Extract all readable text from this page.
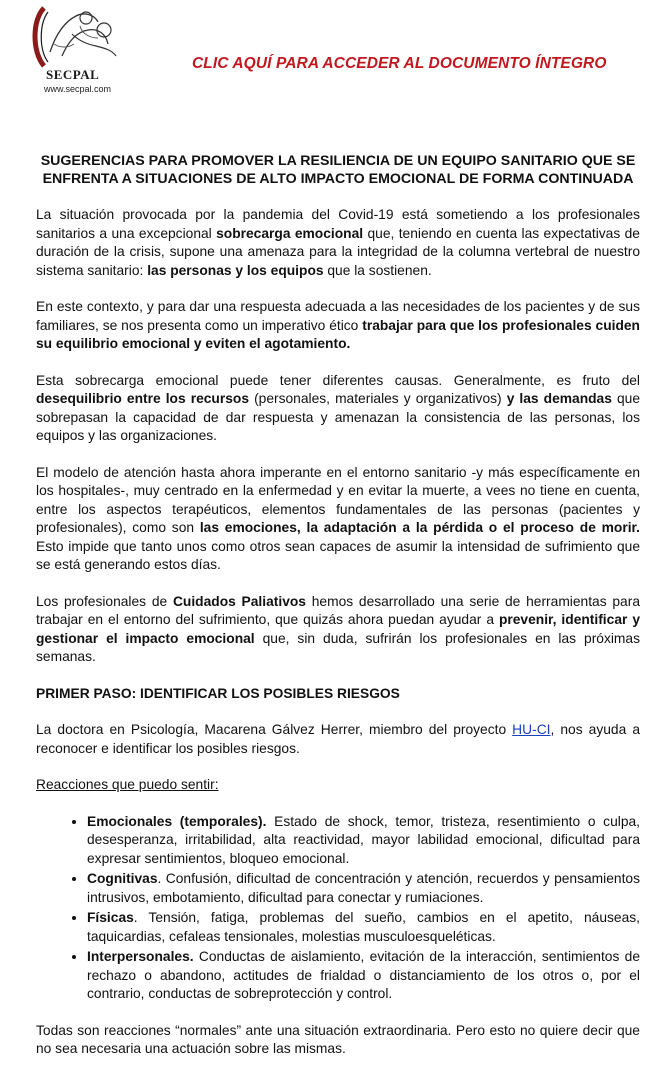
SECPAL
www.secpal.com
CLIC AQUÍ PARA ACCEDER AL DOCUMENTO ÍNTEGRO
SUGERENCIAS PARA PROMOVER LA RESILIENCIA DE UN EQUIPO SANITARIO QUE SE ENFRENTA A SITUACIONES DE ALTO IMPACTO EMOCIONAL DE FORMA CONTINUADA

La situación provocada por la pandemia del Covid-19 está sometiendo a los profesionales sanitarios a una excepcional sobrecarga emocional que, teniendo en cuenta las expectativas de duración de la crisis, supone una amenaza para la integridad de la columna vertebral de nuestro sistema sanitario: las personas y los equipos que la sostienen.

En este contexto, y para dar una respuesta adecuada a las necesidades de los pacientes y de sus familiares, se nos presenta como un imperativo ético trabajar para que los profesionales cuiden su equilibrio emocional y eviten el agotamiento.

Esta sobrecarga emocional puede tener diferentes causas. Generalmente, es fruto del desequilibrio entre los recursos (personales, materiales y organizativos) y las demandas que sobrepasan la capacidad de dar respuesta y amenazan la consistencia de las personas, los equipos y las organizaciones.

El modelo de atención hasta ahora imperante en el entorno sanitario -y más específicamente en los hospitales-, muy centrado en la enfermedad y en evitar la muerte, a vees no tiene en cuenta, entre los aspectos terapéuticos, elementos fundamentales de las personas (pacientes y profesionales), como son las emociones, la adaptación a la pérdida o el proceso de morir. Esto impide que tanto unos como otros sean capaces de asumir la intensidad de sufrimiento que se está generando estos días.

Los profesionales de Cuidados Paliativos hemos desarrollado una serie de herramientas para trabajar en el entorno del sufrimiento, que quizás ahora puedan ayudar a prevenir, identificar y gestionar el impacto emocional que, sin duda, sufrirán los profesionales en las próximas semanas.

PRIMER PASO: IDENTIFICAR LOS POSIBLES RIESGOS

La doctora en Psicología, Macarena Gálvez Herrer, miembro del proyecto HU-CI, nos ayuda a reconocer e identificar los posibles riesgos.

Reacciones que puedo sentir:

• Emocionales (temporales). Estado de shock, temor, tristeza, resentimiento o culpa, desesperanza, irritabilidad, alta reactividad, mayor labilidad emocional, dificultad para expresar sentimientos, bloqueo emocional.
• Cognitivas. Confusión, dificultad de concentración y atención, recuerdos y pensamientos intrusivos, embotamiento, dificultad para conectar y rumiaciones.
• Físicas. Tensión, fatiga, problemas del sueño, cambios en el apetito, náuseas, taquicardias, cefaleas tensionales, molestias musculoesqueléticas.
• Interpersonales. Conductas de aislamiento, evitación de la interacción, sentimientos de rechazo o abandono, actitudes de frialdad o distanciamiento de los otros o, por el contrario, conductas de sobreprotección y control.

Todas son reacciones “normales” ante una situación extraordinaria. Pero esto no quiere decir que no sea necesaria una actuación sobre las mismas.
